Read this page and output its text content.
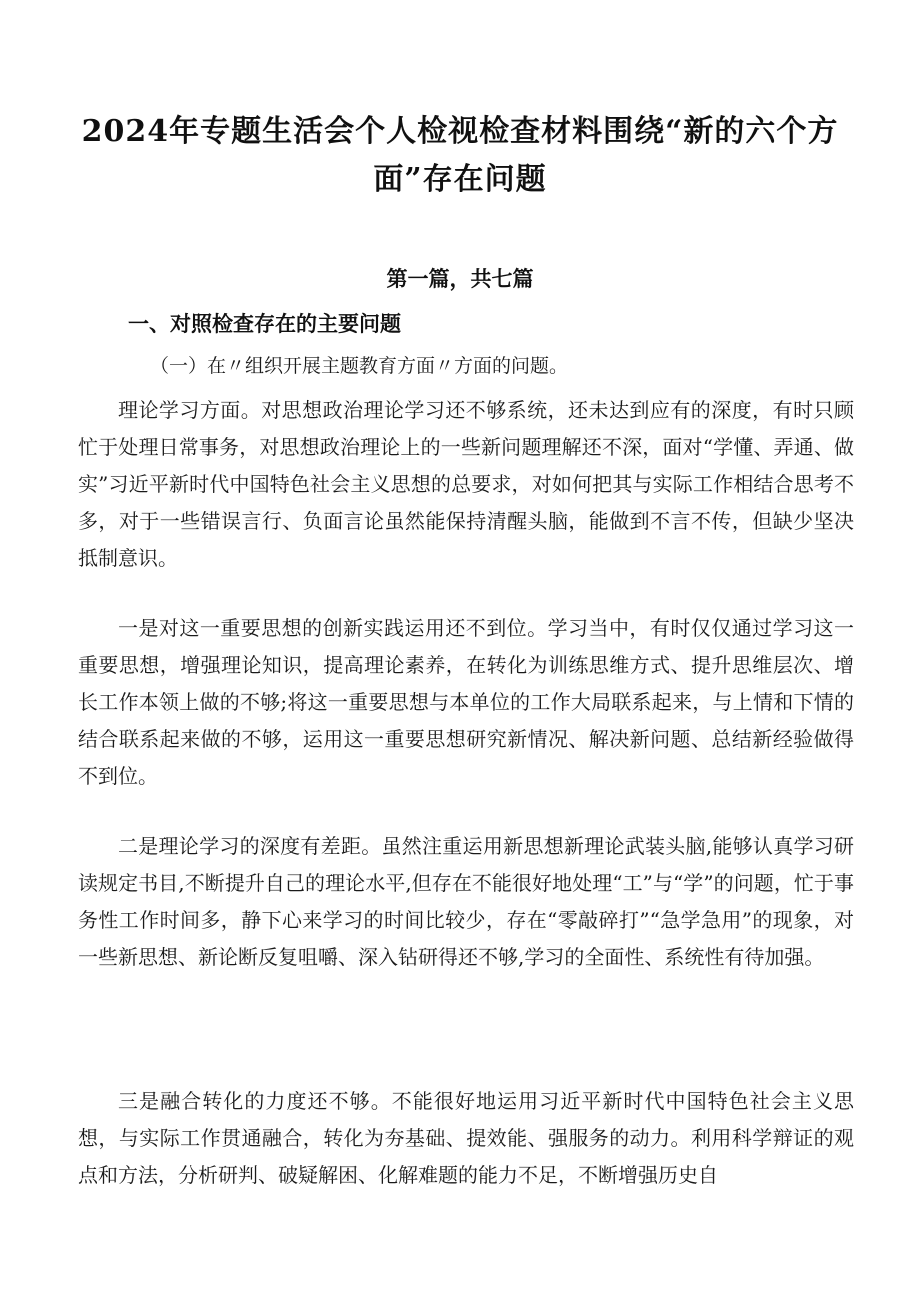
2024年专题生活会个人检视检查材料围绕“新的六个方面”存在问题
第一篇，共七篇
一、对照检查存在的主要问题
（一）在〃组织开展主题教育方面〃方面的问题。

理论学习方面。对思想政治理论学习还不够系统，还未达到应有的深度，有时只顾忙于处理日常事务，对思想政治理论上的一些新问题理解还不深，面对“学懂、弄通、做实”习近平新时代中国特色社会主义思想的总要求，对如何把其与实际工作相结合思考不多，对于一些错误言行、负面言论虽然能保持清醒头脑，能做到不言不传，但缺少坚决抵制意识。

一是对这一重要思想的创新实践运用还不到位。学习当中，有时仅仅通过学习这一重要思想，增强理论知识，提高理论素养，在转化为训练思维方式、提升思维层次、增长工作本领上做的不够;将这一重要思想与本单位的工作大局联系起来，与上情和下情的结合联系起来做的不够，运用这一重要思想研究新情况、解决新问题、总结新经验做得不到位。

二是理论学习的深度有差距。虽然注重运用新思想新理论武装头脑,能够认真学习研读规定书目,不断提升自己的理论水平,但存在不能很好地处理“工”与“学”的问题，忙于事务性工作时间多，静下心来学习的时间比较少，存在“零敲碎打”“急学急用”的现象，对一些新思想、新论断反复咀嚼、深入钻研得还不够,学习的全面性、系统性有待加强。

三是融合转化的力度还不够。不能很好地运用习近平新时代中国特色社会主义思想，与实际工作贯通融合，转化为夯基础、提效能、强服务的动力。利用科学辩证的观点和方法，分析研判、破疑解困、化解难题的能力不足，不断增强历史自
